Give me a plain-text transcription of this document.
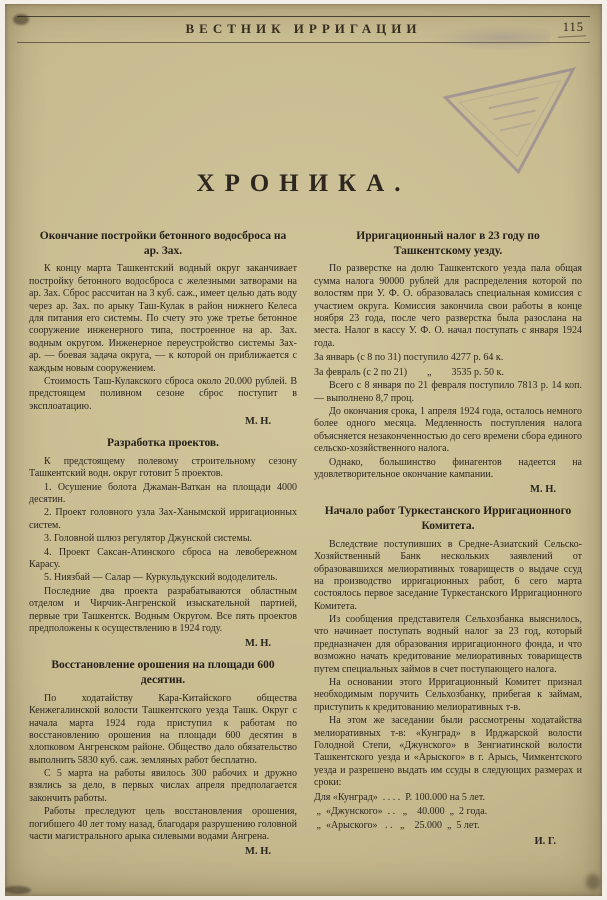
ВЕСТНИК ИРРИГАЦИИ	115
ХРОНИКА.
Окончание постройки бетонного водосброса на ар. Зах.

К концу марта Ташкентский водный округ заканчивает постройку бетонного водосброса с железными затворами на ар. Зах. Сброс рассчитан на 3 куб. саж., имеет целью дать воду через ар. Зах. по арыку Таш-Кулак в район нижнего Келеса для питания его системы. По счету это уже третье бетонное сооружение инженерного типа, построенное на ар. Зах. водным округом. Инженерное переустройство системы Зах-ар. — боевая задача округа, — к которой он приближается с каждым новым сооружением.

Стоимость Таш-Кулакского сброса около 20.000 рублей. В предстоящем поливном сезоне сброс поступит в эксплоатацию.

М. Н.
Разработка проектов.

К предстоящему полевому строительному сезону Ташкентский водн. округ готовит 5 проектов.

1. Осушение болота Джаман-Ваткан на площади 4000 десятин.

2. Проект головного узла Зах-Ханымской ирригационных систем.

3. Головной шлюз регулятор Джунской системы.

4. Проект Саксан-Атинского сброса на левобережном Карасу.

5. Ниязбай — Салар — Куркульдукский вододелитель.

Последние два проекта разрабатываются областным отделом и Чирчик-Ангренской изыскательной партией, первые три Ташкентск. Водным Округом. Все пять проектов предположены к осуществлению в 1924 году.

М. Н.
Восстановление орошения на площади 600 десятин.

По ходатайству Кара-Китайского общества Кенжегалинской волости Ташкентского уезда Ташк. Округ с начала марта 1924 года приступил к работам по восстановлению орошения на площади 600 десятин в хлопковом Ангренском районе. Общество дало обязательство выполнить 5830 куб. саж. земляных работ бесплатно.

С 5 марта на работы явилось 300 рабочих и дружно взялись за дело, в первых числах апреля предполагается закончить работы.

Работы преследуют цель восстановления орошения, погибшего 40 лет тому назад, благодаря разрушению головной части магистрального арыка силевыми водами Ангрена.

М. Н.
Ирригационный налог в 23 году по Ташкентскому уезду.

По разверстке на долю Ташкентского уезда пала общая сумма налога 90000 рублей для распределения которой по волостям при У. Ф. О. образовалась специальная комиссия с участием округа. Комиссия закончила свои работы в конце ноября 23 года, после чего разверстка была разослана на места. Налог в кассу У. Ф. О. начал поступать с января 1924 года.

За январь (с 8 по 31) поступило 4277 р. 64 к.

За февраль (с 2 по 21)        „        3535 р. 50 к.

Всего с 8 января по 21 февраля поступило 7813 р. 14 коп. — выполнено 8,7 проц.

До окончания срока, 1 апреля 1924 года, осталось немного более одного месяца. Медленность поступления налога объясняется незаконченностью до сего времени сбора единого сельско-хозяйственного налога.

Однако, большинство финагентов надеется на удовлетворительное окончание кампании.

М. Н.
Начало работ Туркестанского Ирригационного Комитета.

Вследствие поступивших в Средне-Азиатский Сельско-Хозяйственный Банк нескольких заявлений от образовавшихся мелиоративных товариществ о выдаче ссуд на производство ирригационных работ, 6 сего марта состоялось первое заседание Туркестанского Ирригационного Комитета.

Из сообщения представителя Сельхозбанка выяснилось, что начинает поступать водный налог за 23 год, который предназначен для образования ирригационного фонда, и что возможно начать кредитование мелиоративных товариществ путем специальных займов в счет поступающего налога.

На основании этого Ирригационный Комитет признал необходимым поручить Сельхозбанку, прибегая к займам, приступить к кредитованию мелиоративных т-в.

На этом же заседании были рассмотрены ходатайства мелиоративных т-в: «Кунград» в Ирджарской волости Голодной Степи, «Джунского» в Зенгиатинской волости Ташкентского уезда и «Арыского» в г. Арысь, Чимкентского уезда и разрешено выдать им ссуды в следующих размерах и сроки:

Для «Кунград»  . . . .  Р. 100.000 на 5 лет.

„  «Джунского»  . .   „    40.000  „  2 года.

„  «Арыского»   . .   „    25.000  „  5 лет.

И. Г.
